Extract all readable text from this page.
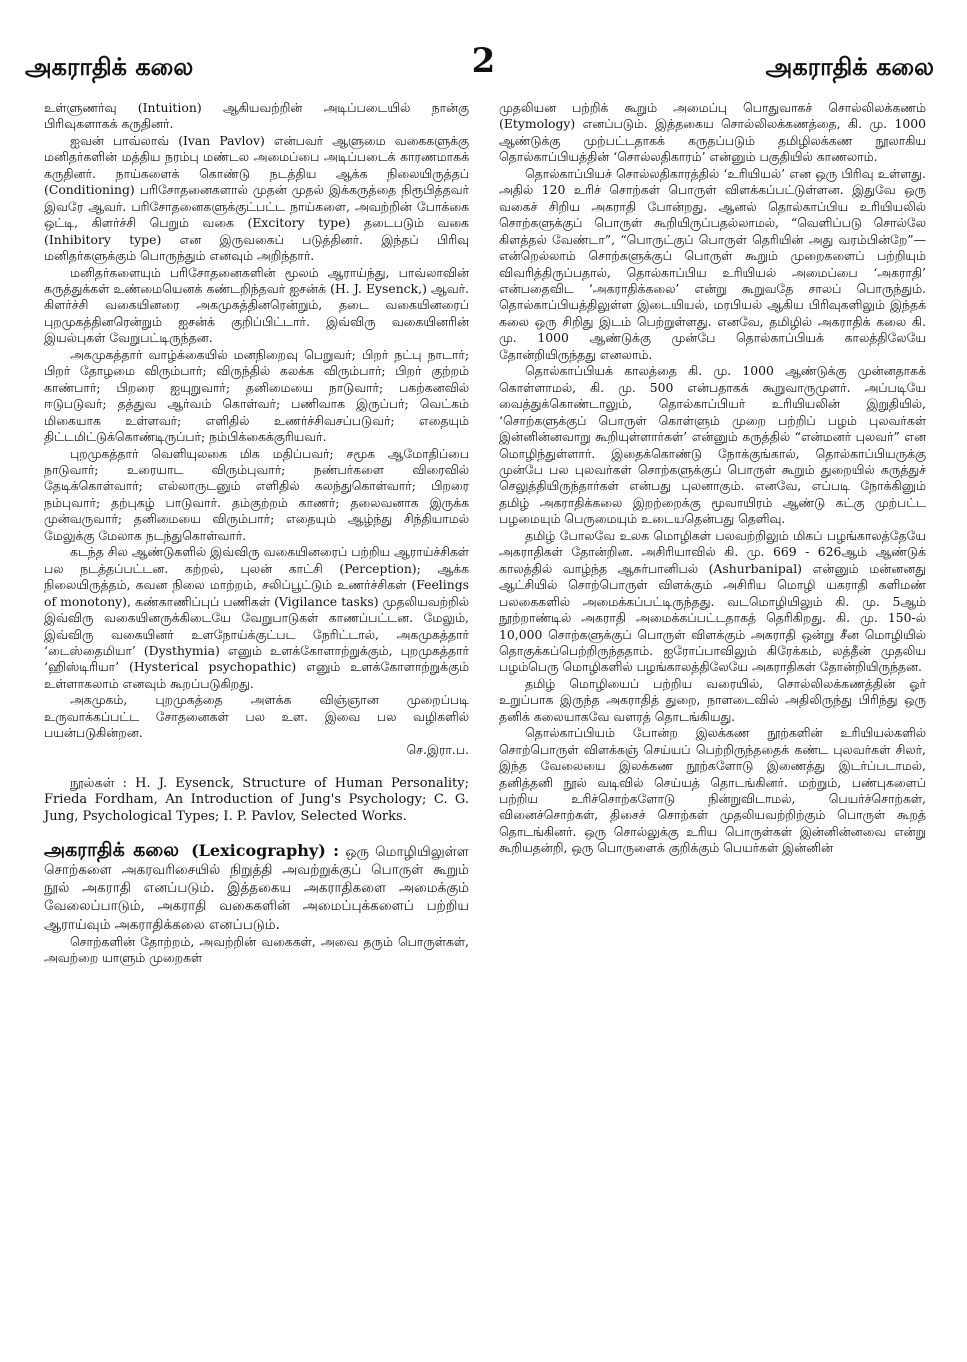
அகராதிக் கலை	2	அகராதிக் கலை

உள்ளுணர்வு (Intuition) ஆகியவற்றின் அடிப்படையில் நான்கு பிரிவுகளாகக் கருதினர்.

ஐவன் பாவ்லாவ் (Ivan Pavlov) என்பவர் ஆளுமை வகைகளுக்கு மனிதர்களின் மத்திய நரம்பு மண்டல அமைப்பை அடிப்படைக் காரணமாகக் கருதினர். நாய்களைக் கொண்டு நடத்திய ஆக்க நிலையிருத்தப் (Conditioning) பரிசோதனைகளால் முதன் முதல் இக்கருத்தை நிரூபித்தவர் இவரே ஆவர். பரிசோதனைகளுக்குட்பட்ட நாய்களை, அவற்றின் போக்கை ஒட்டி, கிளர்ச்சி பெறும் வகை (Excitory type) தடைபடும் வகை (Inhibitory type) என இருவகைப் படுத்தினர். இந்தப் பிரிவு மனிதர்களுக்கும் பொருந்தும் எனவும் அறிந்தார்.

மனிதர்களையும் பரிசோதனைகளின் மூலம் ஆராய்ந்து, பாவ்லாவின் கருத்துக்கள் உண்மையெனக் கண்டறிந்தவர் ஐசன்க் (H. J. Eysenck,) ஆவர். கிளர்ச்சி வகையினரை அகமுகத்தினரென்றும், தடை வகையினரைப் புறமுகத்தினரென்றும் ஐசன்க் குறிப்பிட்டார். இவ்விரு வகையினரின் இயல்புகள் வேறுபட்டிருந்தன.

அகமுகத்தார் வாழ்க்கையில் மனநிறைவு பெறுவர்; பிறர் நட்பு நாடார்; பிறர் தோழமை விரும்பார்; விருந்தில் கலக்க விரும்பார்; பிறர் குற்றம் காண்பார்; பிறரை ஐயுறுவார்; தனிமையை நாடுவார்; பகற்கனவில் ஈடுபடுவர்; தத்துவ ஆர்வம் கொள்வர்; பணிவாக இருப்பர்; வெட்கம் மிகையாக உள்ளவர்; எளிதில் உணர்ச்சிவசப்படுவர்; எதையும் திட்டமிட்டுக்கொண்டிருப்பர்; நம்பிக்கைக்குரியவர்.

புறமுகத்தார் வெளியுலகை மிக மதிப்பவர்; சமூக ஆமோதிப்பை நாடுவார்; உரையாட விரும்புவார்; நண்பர்களை விரைவில் தேடிக்கொள்வார்; எல்லாருடனும் எளிதில் கலந்துகொள்வார்; பிறரை நம்புவார்; தற்புகழ் பாடுவார். தம்குற்றம் காணர்; தலைவனாக இருக்க முன்வருவார்; தனிமையை விரும்பார்; எதையும் ஆழ்ந்து சிந்தியாமல் மேலுக்கு மேலாக நடந்துகொள்வார்.

கடந்த சில ஆண்டுகளில் இவ்விரு வகையினரைப் பற்றிய ஆராய்ச்சிகள் பல நடத்தப்பட்டன. கற்றல், புலன் காட்சி (Perception); ஆக்க நிலையிருத்தம், கவன நிலை மாற்றம், சலிப்பூட்டும் உணர்ச்சிகள் (Feelings of monotony), கண்காணிப்புப் பணிகள் (Vigilance tasks) முதலியவற்றில் இவ்விரு வகையினருக்கிடையே வேறுபாடுகள் காணப்பட்டன. மேலும், இவ்விரு வகையினர் உளநோய்க்குட்பட நேரிட்டால், அகமுகத்தார் ‘டைஸ்தைமியா’ (Dysthymia) எனும் உளக்கோளாற்றுக்கும், புறமுகத்தார் ‘ஹிஸ்டிரியா’ (Hysterical psychopathic) எனும் உளக்கோளாற்றுக்கும் உள்ளாகலாம் எனவும் கூறப்படுகிறது.

அகமுகம், புறமுகத்தை அளக்க விஞ்ஞான முறைப்படி உருவாக்கப்பட்ட சோதனைகள் பல உள. இவை பல வழிகளில் பயன்படுகின்றன.

செ.இரா.ப.

நூல்கள் : H. J. Eysenck, Structure of Human Personality; Frieda Fordham, An Introduction of Jung's Psychology; C. G. Jung, Psychological Types; I. P. Pavlov, Selected Works.

அகராதிக் கலை (Lexicography) : ஒரு மொழியிலுள்ள சொற்களை அகரவரிசையில் நிறுத்தி அவற்றுக்குப் பொருள் கூறும் நூல் அகராதி எனப்படும். இத்தகைய அகராதிகளை அமைக்கும் வேலைப்பாடும், அகராதி வகைகளின் அமைப்புக்களைப் பற்றிய ஆராய்வும் அகராதிக்கலை எனப்படும்.

சொற்களின் தோற்றம், அவற்றின் வகைகள், அவை தரும் பொருள்கள், அவற்றை யாளும் முறைகள்

முதலியன பற்றிக் கூறும் அமைப்பு பொதுவாகச் சொல்லிலக்கணம் (Etymology) எனப்படும். இத்தகைய சொல்லிலக்கணத்தை, கி. மு. 1000 ஆண்டுக்கு முற்பட்டதாகக் கருதப்படும் தமிழிலக்கண நூலாகிய தொல்காப்பியத்தின் ‘சொல்லதிகாரம்’ என்னும் பகுதியில் காணலாம்.

தொல்காப்பியச் சொல்லதிகாரத்தில் ‘உரியியல்’ என ஒரு பிரிவு உள்ளது. அதில் 120 உரிச் சொற்கள் பொருள் விளக்கப்பட்டுள்ளன. இதுவே ஒரு வகைச் சிறிய அகராதி போன்றது. ஆனல் தொல்காப்பிய உரியியலில் சொற்களுக்குப் பொருள் கூறியிருப்பதல்லாமல், “வெளிப்படு சொல்லே கிளத்தல் வேண்டா”, “பொருட்குப் பொருள் தெரியின் அது வரம்பின்றே”—என்றெல்லாம் சொற்களுக்குப் பொருள் கூறும் முறைகளைப் பற்றியும் விவரித்திருப்பதால், தொல்காப்பிய உரியியல் அமைப்பை ‘அகராதி’ என்பதைவிட ‘அகராதிக்கலை’ என்று கூறுவதே சாலப் பொருந்தும். தொல்காப்பியத்திலுள்ள இடையியல், மரபியல் ஆகிய பிரிவுகளிலும் இந்தக் கலை ஒரு சிறிது இடம் பெற்றுள்ளது. எனவே, தமிழில் அகராதிக் கலை கி. மு. 1000 ஆண்டுக்கு முன்பே தொல்காப்பியக் காலத்திலேயே தோன்றியிருந்தது எனலாம்.

தொல்காப்பியக் காலத்தை கி. மு. 1000 ஆண்டுக்கு முன்னதாகக் கொள்ளாமல், கி. மு. 500 என்பதாகக் கூறுவாருமுளர். அப்படியே வைத்துக்கொண்டாலும், தொல்காப்பியர் உரியியலின் இறுதியில், ‘சொற்களுக்குப் பொருள் கொள்ளும் முறை பற்றிப் பழம் புலவர்கள் இன்னின்னவாறு கூறியுள்ளார்கள்’ என்னும் கருத்தில் “என்மனர் புலவர்” என மொழிந்துள்ளார். இதைக்கொண்டு நோக்குங்கால், தொல்காப்பியருக்கு முன்பே பல புலவர்கள் சொற்களுக்குப் பொருள் கூறும் துறையில் கருத்துச் செலுத்தியிருந்தார்கள் என்பது புலனாகும். எனவே, எப்படி நோக்கினும் தமிழ் அகராதிக்கலை இறற்றைக்கு மூவாயிரம் ஆண்டு கட்கு முற்பட்ட பழமையும் பெருமையும் உடையதென்பது தெளிவு.

தமிழ் போலவே உலக மொழிகள் பலவற்றிலும் மிகப் பழங்காலத்தேயே அகராதிகள் தோன்றின. அசிரியாவில் கி. மு. 669 - 626ஆம் ஆண்டுக் காலத்தில் வாழ்ந்த ஆசுர்பானிபல் (Ashurbanipal) என்னும் மன்னனது ஆட்சியில் சொற்பொருள் விளக்கும் அசிரிய மொழி யகராதி களிமண் பலகைகளில் அமைக்கப்பட்டிருந்தது. வடமொழியிலும் கி. மு. 5ஆம் நூற்றாண்டில் அகராதி அமைக்கப்பட்டதாகத் தெரிகிறது. கி. மு. 150-ல் 10,000 சொற்களுக்குப் பொருள் விளக்கும் அகராதி ஒன்று சீன மொழியில் தொகுக்கப்பெற்றிருந்ததாம். ஐரோப்பாவிலும் கிரேக்கம், லத்தீன் முதலிய பழம்பெரு மொழிகளில் பழங்காலத்திலேயே அகராதிகள் தோன்றியிருந்தன.

தமிழ் மொழியைப் பற்றிய வரையில், சொல்லிலக்கணத்தின் ஓர் உறுப்பாக இருந்த அகராதித் துறை, நாளடைவில் அதிலிருந்து பிரிந்து ஒரு தனிக் கலையாகவே வளரத் தொடங்கியது.

தொல்காப்பியம் போன்ற இலக்கண நூற்களின் உரியியல்களில் சொற்பொருள் விளக்கஞ் செய்யப் பெற்றிருந்ததைக் கண்ட புலவர்கள் சிலர், இந்த வேலையை இலக்கண நூற்களோடு இணைத்து இடர்ப்படாமல், தனித்தனி நூல் வடிவில் செய்யத் தொடங்கினர். மற்றும், பண்புகளைப் பற்றிய உரிச்சொற்களோடு நின்றுவிடாமல், பெயர்ச்சொற்கள், வினைச்சொற்கள், திசைச் சொற்கள் முதலியவற்றிற்கும் பொருள் கூறத் தொடங்கினர். ஒரு சொல்லுக்கு உரிய பொருள்கள் இன்னின்னவை என்று கூறியதன்றி, ஒரு பொருளைக் குறிக்கும் பெயர்கள் இன்னின்
